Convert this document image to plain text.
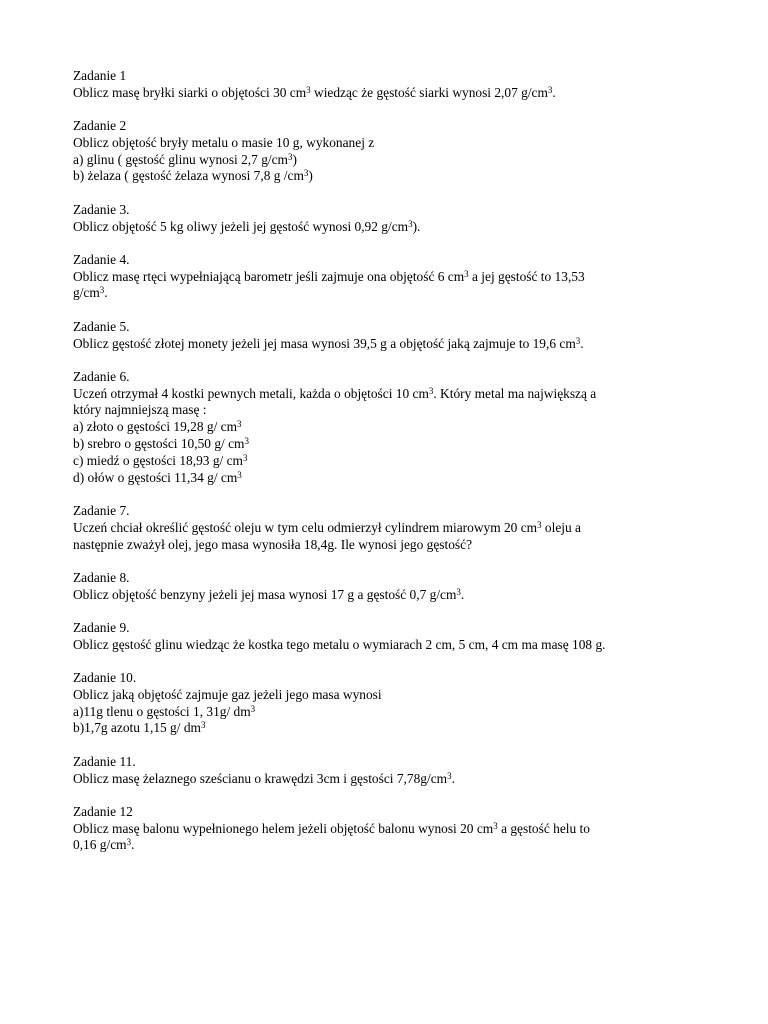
Zadanie 1
Oblicz masę bryłki siarki o objętości 30 $cm^3$ wiedząc że gęstość siarki wynosi 2,07 $g/cm^3$.
Zadanie 2
Oblicz objętość bryły metalu o masie 10 g, wykonanej z
a) glinu ( gęstość glinu wynosi 2,7 $g/cm^3$)
b) żelaza ( gęstość żelaza wynosi 7,8 g $/cm^3$)
Zadanie 3.
Oblicz objętość 5 kg oliwy jeżeli jej gęstość wynosi 0,92 $g/cm^3$).
Zadanie 4.
Oblicz masę rtęci wypełniającą barometr jeśli zajmuje ona objętość 6 $cm^3$ a jej gęstość to 13,53
$g/cm^3$.
Zadanie 5.
Oblicz gęstość złotej monety jeżeli jej masa wynosi 39,5 g a objętość jaką zajmuje to 19,6 $cm^3$.
Zadanie 6.
Uczeń otrzymał 4 kostki pewnych metali, każda o objętości 10 $cm^3$. Który metal ma największą a
który najmniejszą masę :
a) złoto o gęstości 19,28 g/ $cm^3$
b) srebro o gęstości 10,50 g/ $cm^3$
c) miedź o gęstości 18,93 g/ $cm^3$
d) ołów o gęstości 11,34 g/ $cm^3$
Zadanie 7.
Uczeń chciał określić gęstość oleju w tym celu odmierzył cylindrem miarowym 20 $cm^3$ oleju a
następnie zważył olej, jego masa wynosiła 18,4g. Ile wynosi jego gęstość?
Zadanie 8.
Oblicz objętość benzyny jeżeli jej masa wynosi 17 g a gęstość 0,7 $g/cm^3$.
Zadanie 9.
Oblicz gęstość glinu wiedząc że kostka tego metalu o wymiarach 2 cm, 5 cm, 4 cm ma masę 108 g.
Zadanie 10.
Oblicz jaką objętość zajmuje gaz jeżeli jego masa wynosi
a)11g tlenu o gęstości 1, 31g/ $dm^3$
b)1,7g azotu 1,15 g/ $dm^3$
Zadanie 11.
Oblicz masę żelaznego sześcianu o krawędzi 3cm i gęstości $7,78g/cm^3$.
Zadanie 12
Oblicz masę balonu wypełnionego helem jeżeli objętość balonu wynosi 20 $cm^3$ a gęstość helu to
0,16 $g/cm^3$.
